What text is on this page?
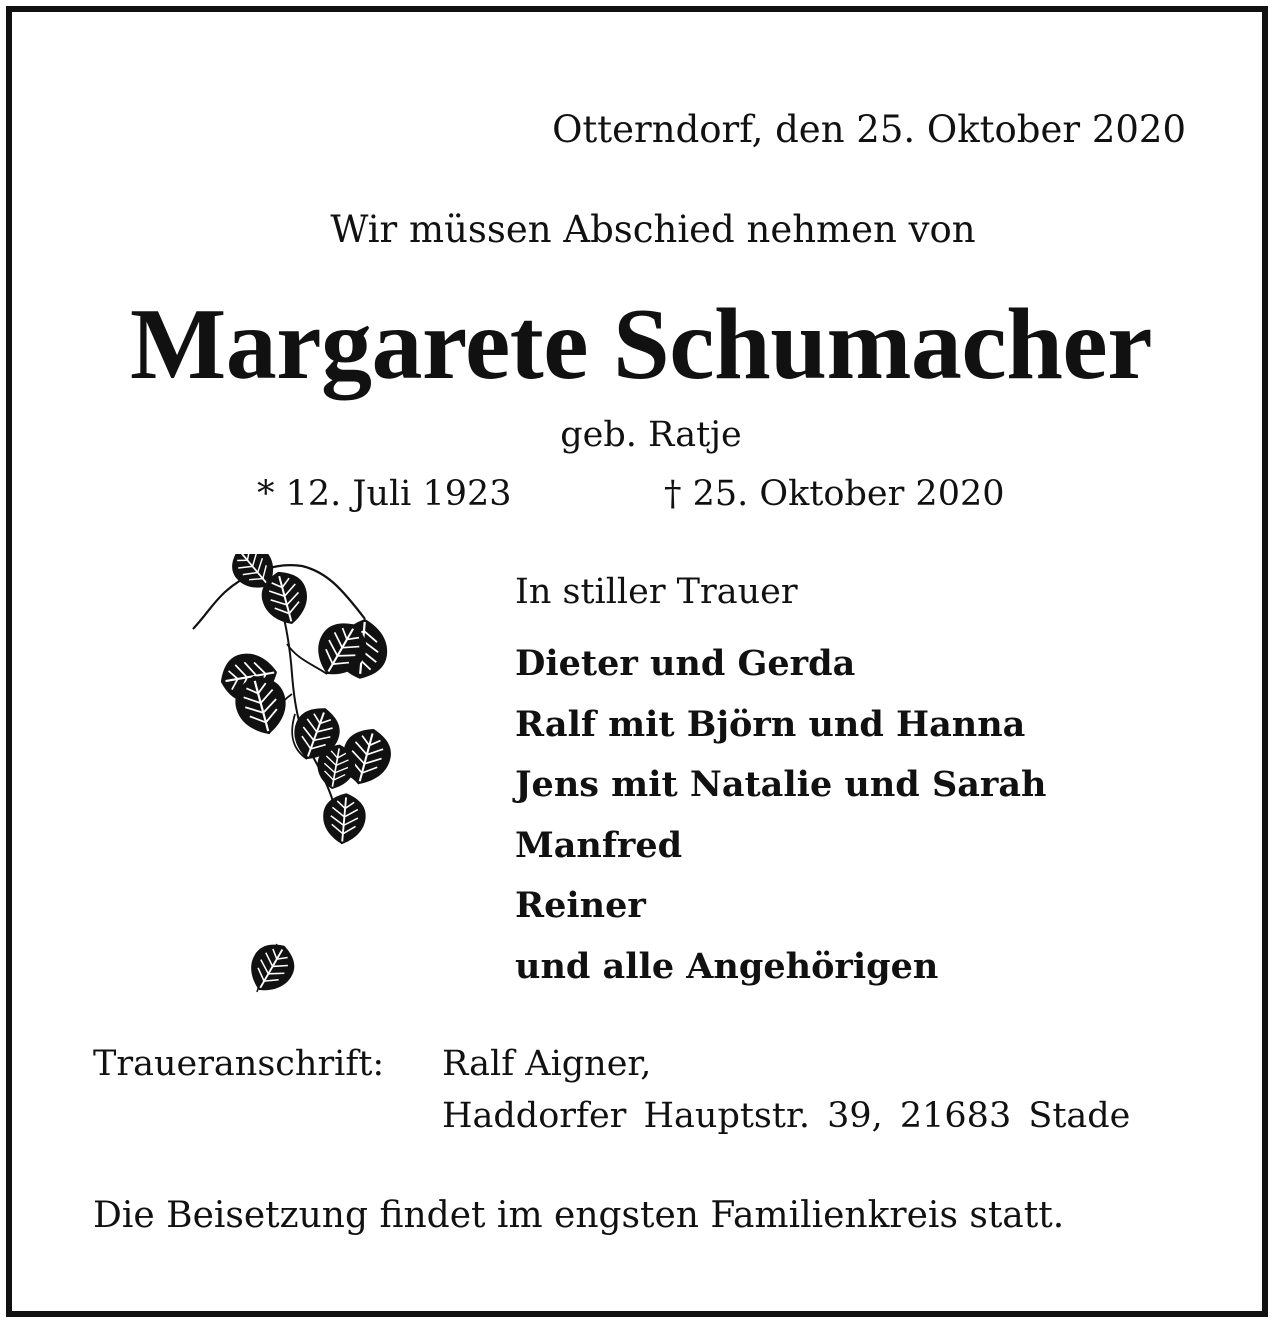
Otterndorf, den 25. Oktober 2020

Wir müssen Abschied nehmen von

Margarete Schumacher

geb. Ratje

* 12. Juli 1923	† 25. Oktober 2020

In stiller Trauer

Dieter und Gerda
Ralf mit Björn und Hanna
Jens mit Natalie und Sarah
Manfred
Reiner
und alle Angehörigen

Traueranschrift: Ralf Aigner,

Haddorfer Hauptstr. 39, 21683 Stade

Die Beisetzung findet im engsten Familienkreis statt.
